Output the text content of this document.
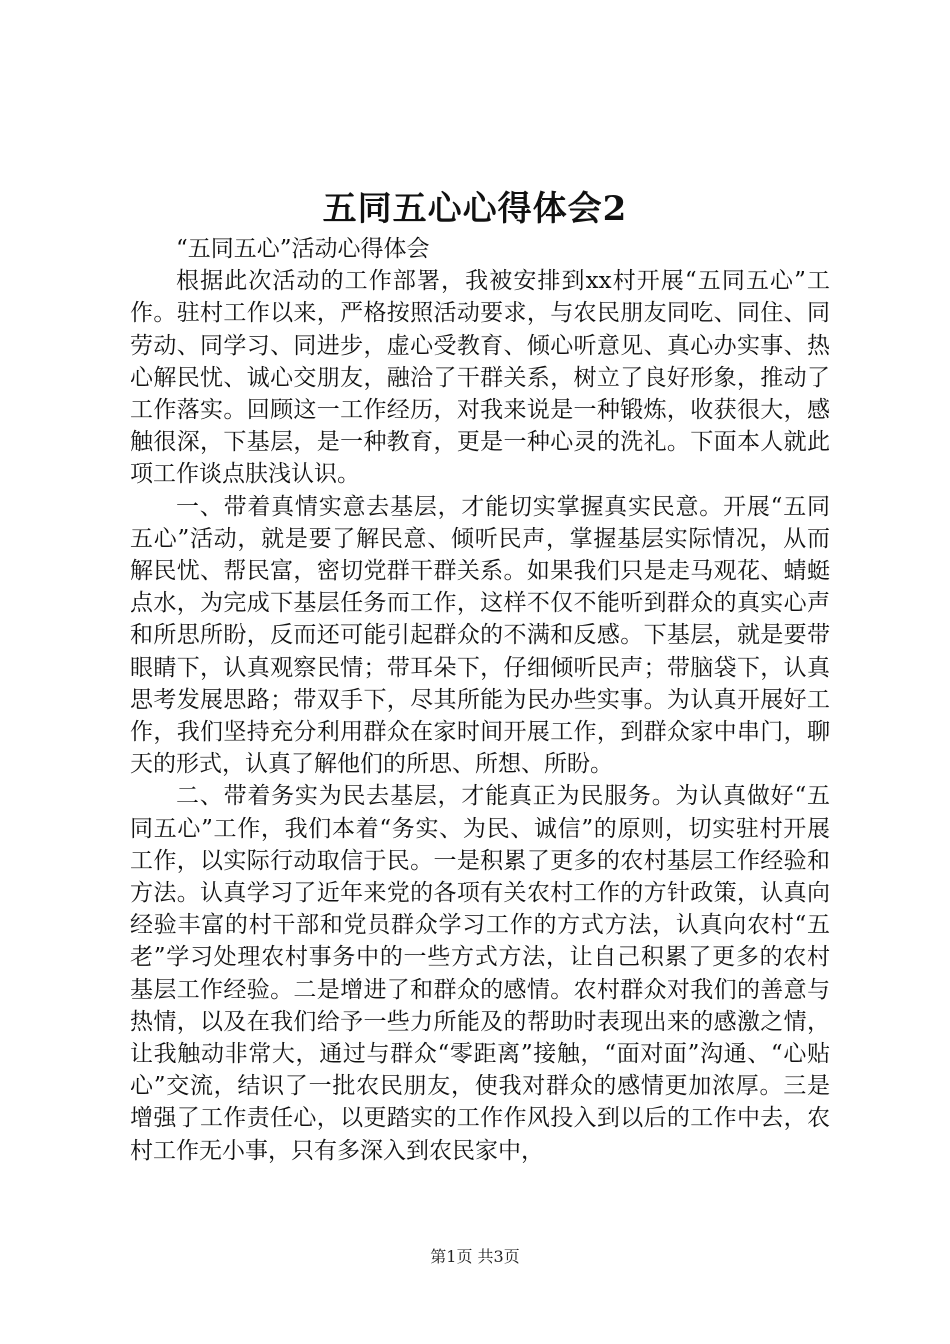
五同五心心得体会2

“五同五心”活动心得体会

根据此次活动的工作部署，我被安排到xx村开展“五同五心”工作。驻村工作以来，严格按照活动要求，与农民朋友同吃、同住、同劳动、同学习、同进步，虚心受教育、倾心听意见、真心办实事、热心解民忧、诚心交朋友，融洽了干群关系，树立了良好形象，推动了工作落实。回顾这一工作经历，对我来说是一种锻炼，收获很大，感触很深，下基层，是一种教育，更是一种心灵的洗礼。下面本人就此项工作谈点肤浅认识。

一、带着真情实意去基层，才能切实掌握真实民意。开展“五同五心”活动，就是要了解民意、倾听民声，掌握基层实际情况，从而解民忧、帮民富，密切党群干群关系。如果我们只是走马观花、蜻蜓点水，为完成下基层任务而工作，这样不仅不能听到群众的真实心声和所思所盼，反而还可能引起群众的不满和反感。下基层，就是要带眼睛下，认真观察民情；带耳朵下，仔细倾听民声；带脑袋下，认真思考发展思路；带双手下，尽其所能为民办些实事。为认真开展好工作，我们坚持充分利用群众在家时间开展工作，到群众家中串门，聊天的形式，认真了解他们的所思、所想、所盼。

二、带着务实为民去基层，才能真正为民服务。为认真做好“五同五心”工作，我们本着“务实、为民、诚信”的原则，切实驻村开展工作，以实际行动取信于民。一是积累了更多的农村基层工作经验和方法。认真学习了近年来党的各项有关农村工作的方针政策，认真向经验丰富的村干部和党员群众学习工作的方式方法，认真向农村“五老”学习处理农村事务中的一些方式方法，让自己积累了更多的农村基层工作经验。二是增进了和群众的感情。农村群众对我们的善意与热情，以及在我们给予一些力所能及的帮助时表现出来的感激之情，让我触动非常大，通过与群众“零距离”接触，“面对面”沟通、“心贴心”交流，结识了一批农民朋友，使我对群众的感情更加浓厚。三是增强了工作责任心，以更踏实的工作作风投入到以后的工作中去，农村工作无小事，只有多深入到农民家中，

第1页 共3页
